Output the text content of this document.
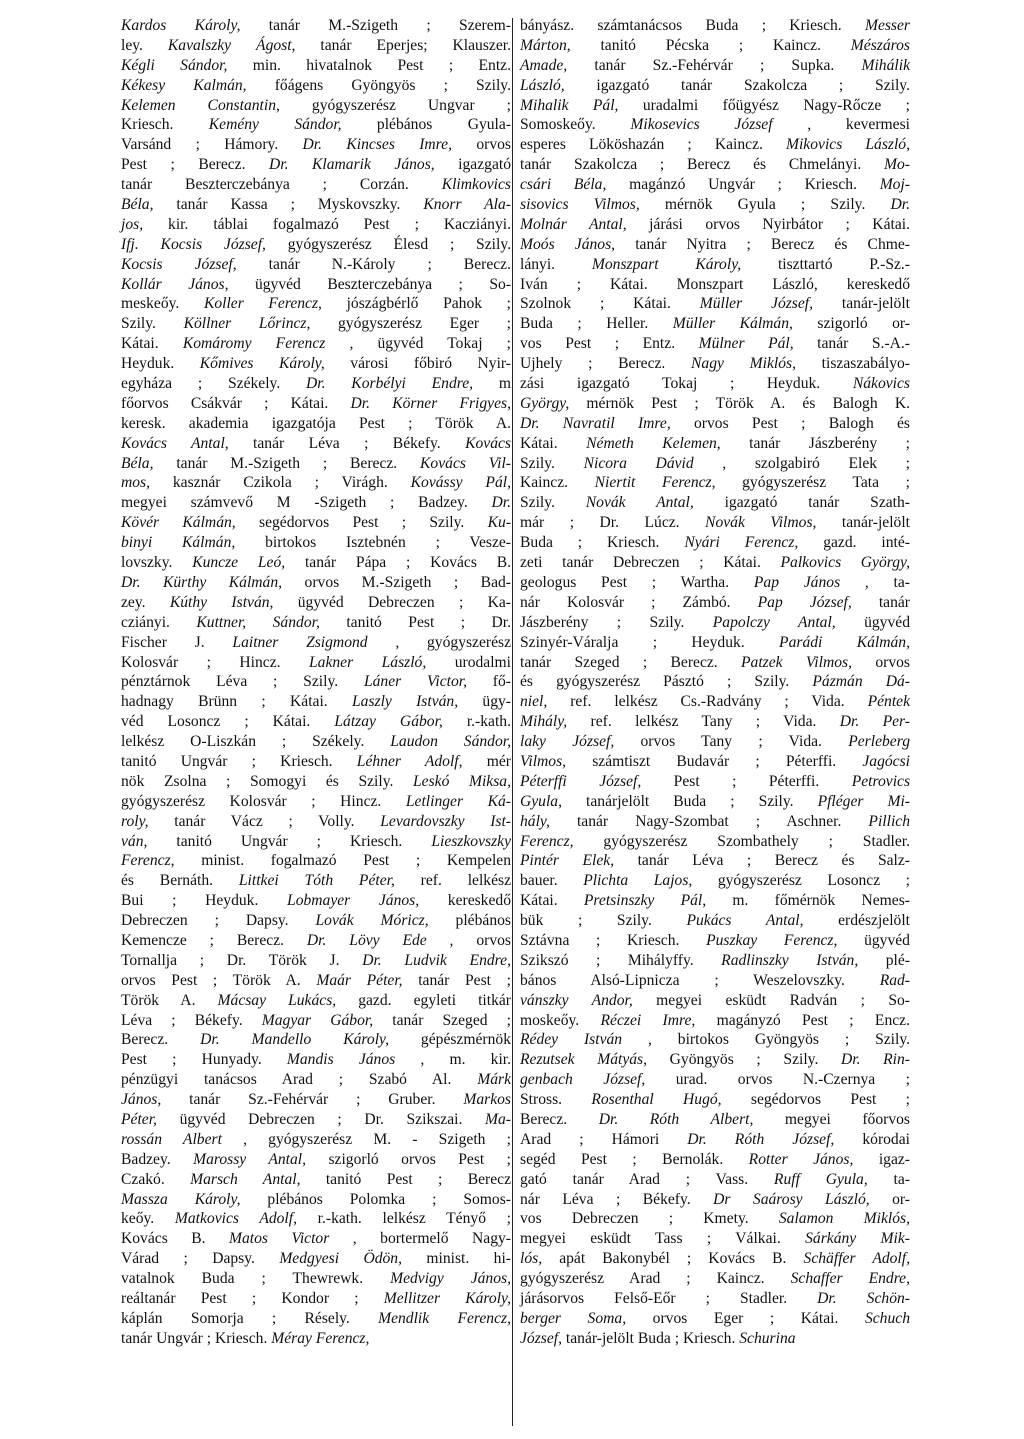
Kardos Károly, tanár M.-Szigeth ; Szerem-
ley. Kavalszky Ágost, tanár Eperjes; Klauszer.
Kégli Sándor, min. hivatalnok Pest ; Entz.
Kékesy Kalmán, főágens Gyöngyös ; Szily.
Kelemen Constantin, gyógyszerész Ungvar ;
Kriesch. Kemény Sándor, plébános Gyula-
Varsánd ; Hámory. Dr. Kincses Imre, orvos
Pest ; Berecz. Dr. Klamarik János, igazgató
tanár Beszterczebánya ; Corzán. Klimkovics
Béla, tanár Kassa ; Myskovszky. Knorr Ala-
jos, kir. táblai fogalmazó Pest ; Kacziányi.
Ifj. Kocsis József, gyógyszerész Élesd ; Szily.
Kocsis József, tanár N.-Károly ; Berecz.
Kollár János, ügyvéd Beszterczebánya ; So-
meskeőy. Koller Ferencz, jószágbérlő Pahok ;
Szily. Köllner Lőrincz, gyógyszerész Eger ;
Kátai. Komáromy Ferencz , ügyvéd Tokaj ;
Heyduk. Kőmives Károly, városi főbiró Nyir-
egyháza ; Székely. Dr. Korbélyi Endre, m
főorvos Csákvár ; Kátai. Dr. Körner Frigyes,
keresk. akademia igazgatója Pest ; Török A.
Kovács Antal, tanár Léva ; Békefy. Kovács
Béla, tanár M.-Szigeth ; Berecz. Kovács Vil-
mos, kasznár Czikola ; Virágh. Kovássy Pál,
megyei számvevő M -Szigeth ; Badzey. Dr.
Kövér Kálmán, segédorvos Pest ; Szily. Ku-
binyi Kálmán, birtokos Isztebnén ; Vesze-
lovszky. Kuncze Leó, tanár Pápa ; Kovács B.
Dr. Kürthy Kálmán, orvos M.-Szigeth ; Bad-
zey. Kúthy István, ügyvéd Debreczen ; Ka-
cziányi. Kuttner, Sándor, tanitó Pest ; Dr.
Fischer J. Laitner Zsigmond , gyógyszerész
Kolosvár ; Hincz. Lakner László, urodalmi
pénztárnok Léva ; Szily. Láner Victor, fő-
hadnagy Brünn ; Kátai. Laszly István, ügy-
véd Losoncz ; Kátai. Látzay Gábor, r.-kath.
lelkész O-Liszkán ; Székely. Laudon Sándor,
tanitó Ungvár ; Kriesch. Léhner Adolf, mér
nök Zsolna ; Somogyi és Szily. Leskó Miksa,
gyógyszerész Kolosvár ; Hincz. Letlinger Ká-
roly, tanár Vácz ; Volly. Levardovszky Ist-
ván, tanitó Ungvár ; Kriesch. Lieszkovszky
Ferencz, minist. fogalmazó Pest ; Kempelen
és Bernáth. Littkei Tóth Péter, ref. lelkész
Bui ; Heyduk. Lobmayer János, kereskedő
Debreczen ; Dapsy. Lovák Móricz, plébános
Kemencze ; Berecz. Dr. Lövy Ede , orvos
Tornallja ; Dr. Török J. Dr. Ludvik Endre,
orvos Pest ; Török A. Maár Péter, tanár Pest ;
Török A. Mácsay Lukács, gazd. egyleti titkár
Léva ; Békefy. Magyar Gábor, tanár Szeged ;
Berecz. Dr. Mandello Károly, gépészmérnök
Pest ; Hunyady. Mandis János , m. kir.
pénzügyi tanácsos Arad ; Szabó Al. Márk
János, tanár Sz.-Fehérvár ; Gruber. Markos
Péter, ügyvéd Debreczen ; Dr. Szikszai. Ma-
rossán Albert , gyógyszerész M. - Szigeth ;
Badzey. Marossy Antal, szigorló orvos Pest ;
Czakó. Marsch Antal, tanitó Pest ; Berecz
Massza Károly, plébános Polomka ; Somos-
keőy. Matkovics Adolf, r.-kath. lelkész Tényő ;
Kovács B. Matos Victor , bortermelő Nagy-
Várad ; Dapsy. Medgyesi Ödön, minist. hi-
vatalnok Buda ; Thewrewk. Medvigy János,
reáltanár Pest ; Kondor ; Mellitzer Károly,
káplán Somorja ; Résely. Mendlik Ferencz,
tanár Ungvár ; Kriesch. Méray Ferencz,
bányász. számtanácsos Buda ; Kriesch. Messer
Márton, tanitó Pécska ; Kaincz. Mészáros
Amade, tanár Sz.-Fehérvár ; Supka. Mihálik
László, igazgató tanár Szakolcza ; Szily.
Mihalik Pál, uradalmi főügyész Nagy-Rőcze ;
Somoskeőy. Mikosevics József , kevermesi
esperes Lököshazán ; Kaincz. Mikovics László,
tanár Szakolcza ; Berecz és Chmelányi. Mo-
csári Béla, magánzó Ungvár ; Kriesch. Moj-
sisovics Vilmos, mérnök Gyula ; Szily. Dr.
Molnár Antal, járási orvos Nyirbátor ; Kátai.
Moós János, tanár Nyitra ; Berecz és Chme-
lányi. Monszpart Károly, tiszttartó P.-Sz.-
Iván ; Kátai. Monszpart László, kereskedő
Szolnok ; Kátai. Müller József, tanár-jelölt
Buda ; Heller. Müller Kálmán, szigorló or-
vos Pest ; Entz. Mülner Pál, tanár S.-A.-
Ujhely ; Berecz. Nagy Miklós, tiszaszabályo-
zási igazgató Tokaj ; Heyduk. Nákovics
György, mérnök Pest ; Török A. és Balogh K.
Dr. Navratil Imre, orvos Pest ; Balogh és
Kátai. Németh Kelemen, tanár Jászberény ;
Szily. Nicora Dávid , szolgabiró Elek ;
Kaincz. Niertit Ferencz, gyógyszerész Tata ;
Szily. Novák Antal, igazgató tanár Szath-
már ; Dr. Lúcz. Novák Vilmos, tanár-jelölt
Buda ; Kriesch. Nyári Ferencz, gazd. inté-
zeti tanár Debreczen ; Kátai. Palkovics György,
geologus Pest ; Wartha. Pap János , ta-
nár Kolosvár ; Zámbó. Pap József, tanár
Jászberény ; Szily. Papolczy Antal, ügyvéd
Szinyér-Váralja ; Heyduk. Parádi Kálmán,
tanár Szeged ; Berecz. Patzek Vilmos, orvos
és gyógyszerész Pásztó ; Szily. Pázmán Dá-
niel, ref. lelkész Cs.-Radvány ; Vida. Péntek
Mihály, ref. lelkész Tany ; Vida. Dr. Per-
laky József, orvos Tany ; Vida. Perleberg
Vilmos, számtiszt Budavár ; Péterffi. Jagócsi
Péterffi József, Pest ; Péterffi. Petrovics
Gyula, tanárjelölt Buda ; Szily. Pfléger Mi-
hály, tanár Nagy-Szombat ; Aschner. Pillich
Ferencz, gyógyszerész Szombathely ; Stadler.
Pintér Elek, tanár Léva ; Berecz és Salz-
bauer. Plichta Lajos, gyógyszerész Losoncz ;
Kátai. Pretsinszky Pál, m. főmérnök Nemes-
bük ; Szily. Pukács Antal, erdészjelölt
Sztávna ; Kriesch. Puszkay Ferencz, ügyvéd
Szikszó ; Mihályffy. Radlinszky István, plé-
bános Alsó-Lipnicza ; Weszelovszky. Rad-
vánszky Andor, megyei esküdt Radván ; So-
moskeőy. Réczei Imre, magányzó Pest ; Encz.
Rédey István , birtokos Gyöngyös ; Szily.
Rezutsek Mátyás, Gyöngyös ; Szily. Dr. Rin-
genbach József, urad. orvos N.-Czernya ;
Stross. Rosenthal Hugó, segédorvos Pest ;
Berecz. Dr. Róth Albert, megyei főorvos
Arad ; Hámori Dr. Róth József, kórodai
segéd Pest ; Bernolák. Rotter János, igaz-
gató tanár Arad ; Vass. Ruff Gyula, ta-
nár Léva ; Békefy. Dr Saárosy László, or-
vos Debreczen ; Kmety. Salamon Miklós,
megyei esküdt Tass ; Válkai. Sárkány Mik-
lós, apát Bakonybél ; Kovács B. Schäffer Adolf,
gyógyszerész Arad ; Kaincz. Schaffer Endre,
járásorvos Felső-Eőr ; Stadler. Dr. Schön-
berger Soma, orvos Eger ; Kátai. Schuch
József, tanár-jelölt Buda ; Kriesch. Schurina
